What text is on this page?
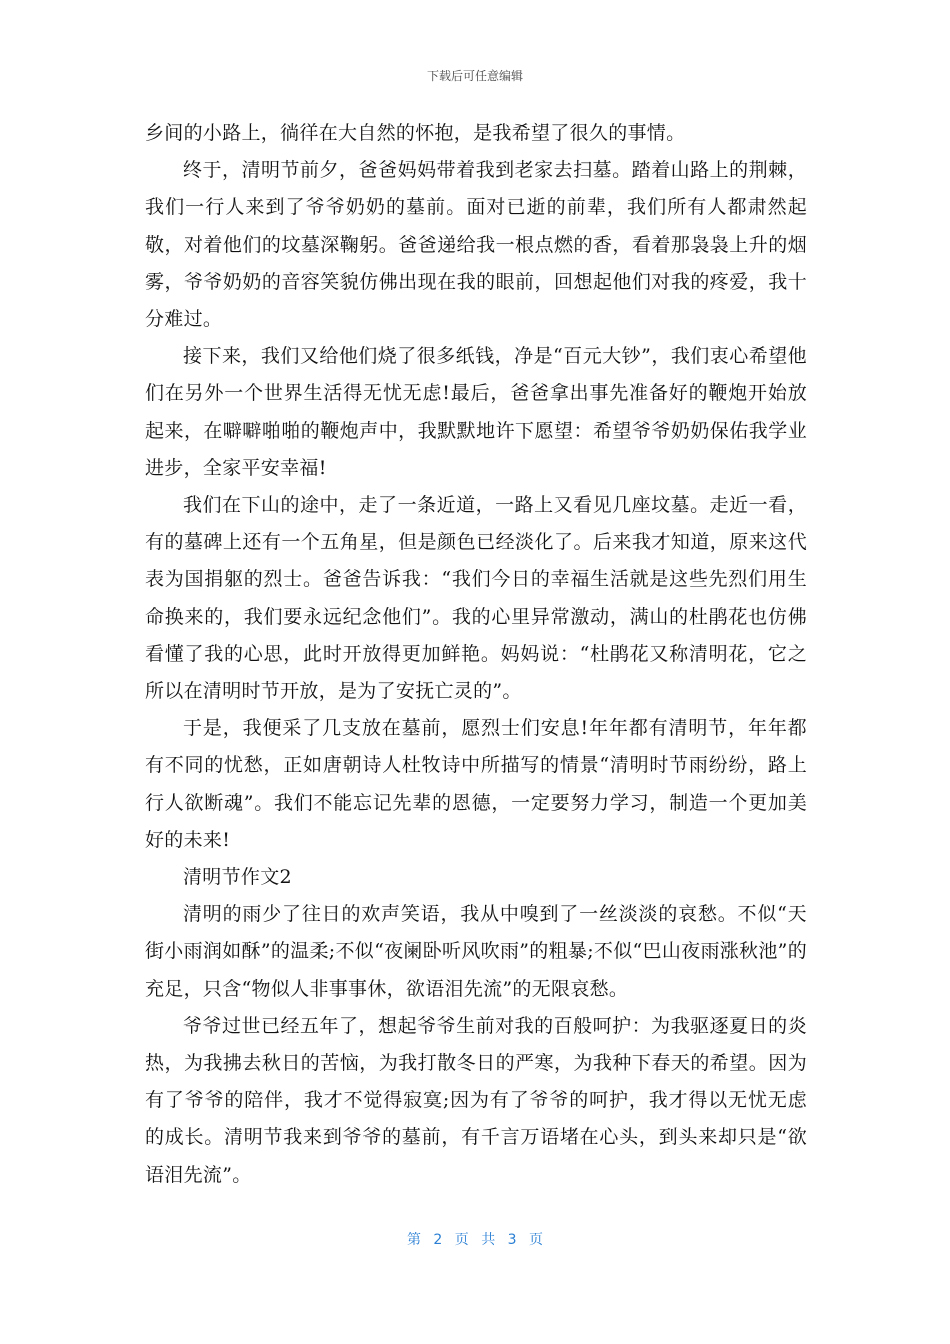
下载后可任意编辑

乡间的小路上，徜徉在大自然的怀抱，是我希望了很久的事情。

终于，清明节前夕，爸爸妈妈带着我到老家去扫墓。踏着山路上的荆棘，我们一行人来到了爷爷奶奶的墓前。面对已逝的前辈，我们所有人都肃然起敬，对着他们的坟墓深鞠躬。爸爸递给我一根点燃的香，看着那袅袅上升的烟雾，爷爷奶奶的音容笑貌仿佛出现在我的眼前，回想起他们对我的疼爱，我十分难过。

接下来，我们又给他们烧了很多纸钱，净是“百元大钞”，我们衷心希望他们在另外一个世界生活得无忧无虑!最后，爸爸拿出事先准备好的鞭炮开始放起来，在噼噼啪啪的鞭炮声中，我默默地许下愿望：希望爷爷奶奶保佑我学业进步，全家平安幸福!

我们在下山的途中，走了一条近道，一路上又看见几座坟墓。走近一看，有的墓碑上还有一个五角星，但是颜色已经淡化了。后来我才知道，原来这代表为国捐躯的烈士。爸爸告诉我：“我们今日的幸福生活就是这些先烈们用生命换来的，我们要永远纪念他们”。我的心里异常激动，满山的杜鹃花也仿佛看懂了我的心思，此时开放得更加鲜艳。妈妈说：“杜鹃花又称清明花，它之所以在清明时节开放，是为了安抚亡灵的”。

于是，我便采了几支放在墓前，愿烈士们安息!年年都有清明节，年年都有不同的忧愁，正如唐朝诗人杜牧诗中所描写的情景“清明时节雨纷纷，路上行人欲断魂”。我们不能忘记先辈的恩德，一定要努力学习，制造一个更加美好的未来!

清明节作文2

清明的雨少了往日的欢声笑语，我从中嗅到了一丝淡淡的哀愁。不似“天街小雨润如酥”的温柔;不似“夜阑卧听风吹雨”的粗暴;不似“巴山夜雨涨秋池”的充足，只含“物似人非事事休，欲语泪先流”的无限哀愁。

爷爷过世已经五年了，想起爷爷生前对我的百般呵护：为我驱逐夏日的炎热，为我拂去秋日的苦恼，为我打散冬日的严寒，为我种下春天的希望。因为有了爷爷的陪伴，我才不觉得寂寞;因为有了爷爷的呵护，我才得以无忧无虑的成长。清明节我来到爷爷的墓前，有千言万语堵在心头，到头来却只是“欲语泪先流”。

第 2 页 共 3 页
